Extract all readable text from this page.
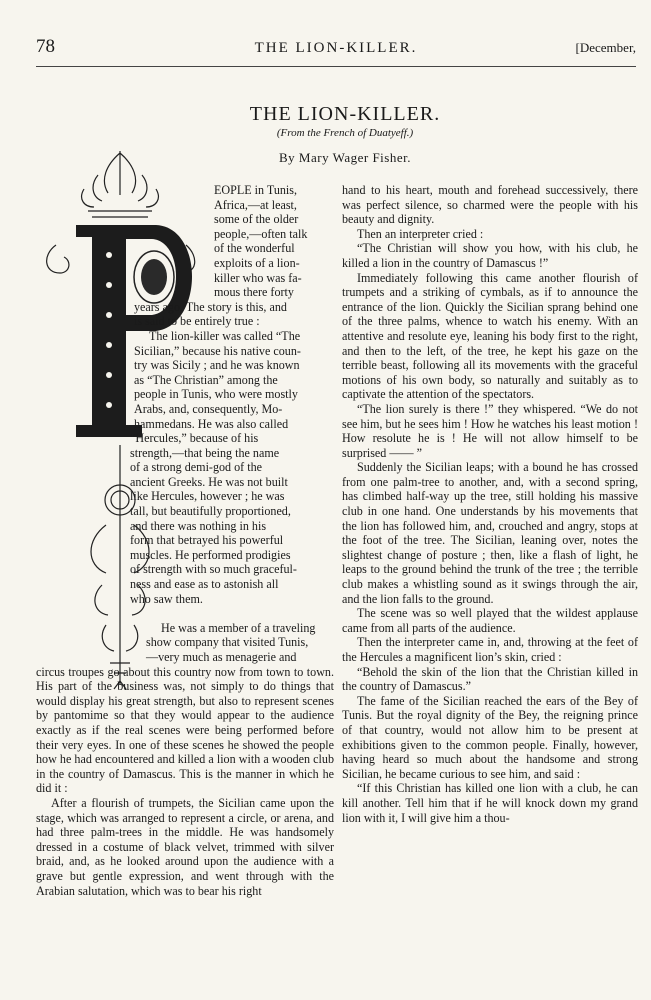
78	THE LION-KILLER.	[December,
THE LION-KILLER.
(From the French of Duatyeff.)
By Mary Wager Fisher.
P
EOPLE in Tunis,
Africa,—at least,
some of the older
people,—often talk
of the wonderful
exploits of a lion-
killer who was fa-
mous there forty
years ago. The story is this, and
is said to be entirely true :
The lion-killer was called “The
Sicilian,” because his native coun-
try was Sicily ; and he was known
as “The Christian” among the
people in Tunis, who were mostly
Arabs, and, consequently, Mo-
hammedans. He was also called
“Hercules,” because of his
strength,—that being the name
of a strong demi-god of the
ancient Greeks. He was not built
like Hercules, however ; he was
tall, but beautifully proportioned,
and there was nothing in his
form that betrayed his powerful
muscles. He performed prodigies
of strength with so much graceful-
ness and ease as to astonish all
who saw them.
He was a member of a traveling
show company that visited Tunis,
—very much as menagerie and

circus troupes go about this country now from town to town. His part of the business was, not simply to do things that would display his great strength, but also to represent scenes by pantomime so that they would appear to the audience exactly as if the real scenes were being performed before their very eyes. In one of these scenes he showed the people how he had encountered and killed a lion with a wooden club in the country of Damascus. This is the manner in which he did it :

After a flourish of trumpets, the Sicilian came upon the stage, which was arranged to represent a circle, or arena, and had three palm-trees in the middle. He was handsomely dressed in a costume of black velvet, trimmed with silver braid, and, as he looked around upon the audience with a grave but gentle expression, and went through with the Arabian salutation, which was to bear his right

hand to his heart, mouth and forehead successively, there was perfect silence, so charmed were the people with his beauty and dignity.

Then an interpreter cried :

“The Christian will show you how, with his club, he killed a lion in the country of Damascus !”

Immediately following this came another flourish of trumpets and a striking of cymbals, as if to announce the entrance of the lion. Quickly the Sicilian sprang behind one of the three palms, whence to watch his enemy. With an attentive and resolute eye, leaning his body first to the right, and then to the left, of the tree, he kept his gaze on the terrible beast, following all its movements with the graceful motions of his own body, so naturally and suitably as to captivate the attention of the spectators.

“The lion surely is there !” they whispered. “We do not see him, but he sees him ! How he watches his least motion ! How resolute he is ! He will not allow himself to be surprised —— ”

Suddenly the Sicilian leaps; with a bound he has crossed from one palm-tree to another, and, with a second spring, has climbed half-way up the tree, still holding his massive club in one hand. One understands by his movements that the lion has followed him, and, crouched and angry, stops at the foot of the tree. The Sicilian, leaning over, notes the slightest change of posture ; then, like a flash of light, he leaps to the ground behind the trunk of the tree ; the terrible club makes a whistling sound as it swings through the air, and the lion falls to the ground.

The scene was so well played that the wildest applause came from all parts of the audience.

Then the interpreter came in, and, throwing at the feet of the Hercules a magnificent lion’s skin, cried :

“Behold the skin of the lion that the Christian killed in the country of Damascus.”

The fame of the Sicilian reached the ears of the Bey of Tunis. But the royal dignity of the Bey, the reigning prince of that country, would not allow him to be present at exhibitions given to the common people. Finally, however, having heard so much about the handsome and strong Sicilian, he became curious to see him, and said :

“If this Christian has killed one lion with a club, he can kill another. Tell him that if he will knock down my grand lion with it, I will give him a thou-
